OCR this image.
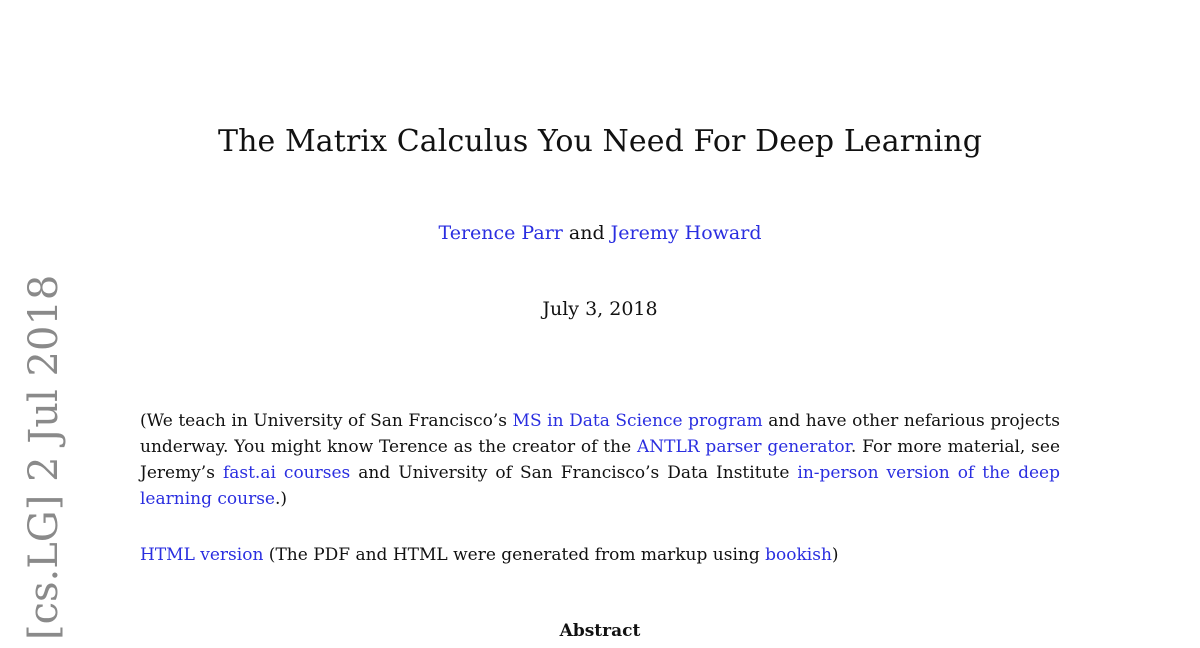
[cs.LG] 2 Jul 2018
The Matrix Calculus You Need For Deep Learning
Terence Parr and Jeremy Howard
July 3, 2018
(We teach in University of San Francisco’s MS in Data Science program and have other nefarious projects underway. You might know Terence as the creator of the ANTLR parser generator. For more material, see Jeremy’s fast.ai courses and University of San Francisco’s Data Institute in-person version of the deep learning course.)
HTML version (The PDF and HTML were generated from markup using bookish)
Abstract
